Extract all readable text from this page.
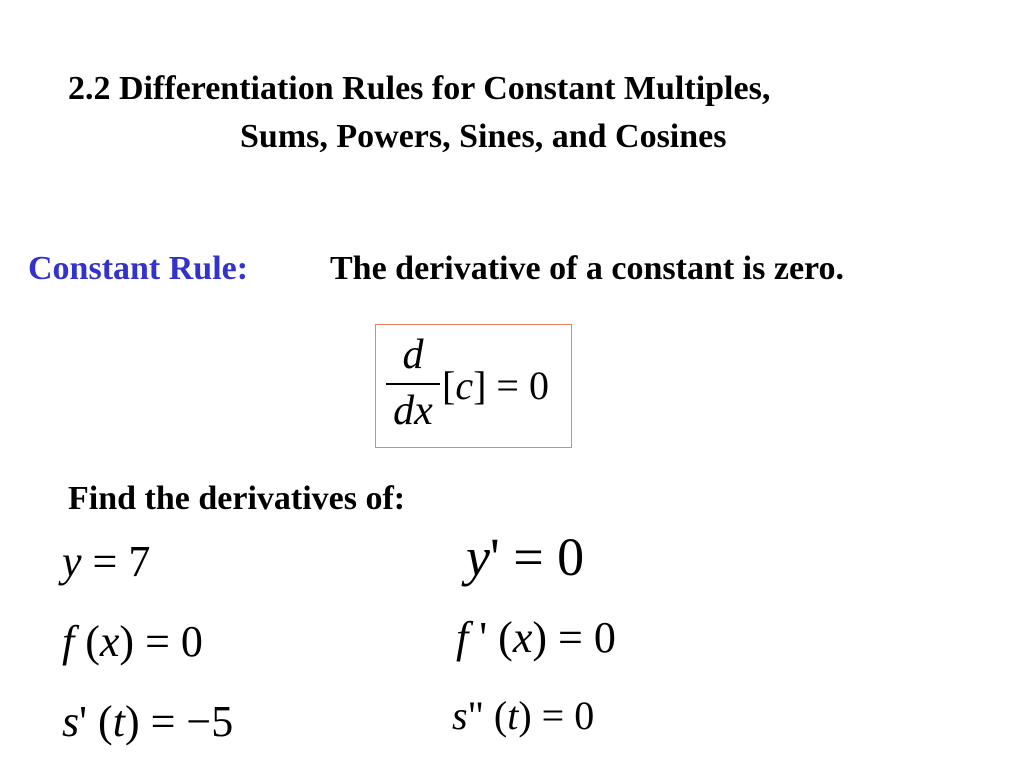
2.2 Differentiation Rules for Constant Multiples,
Sums, Powers, Sines, and Cosines
Constant Rule: The derivative of a constant is zero.
d
dx
[c] = 0
Find the derivatives of:
y = 7
f (x) = 0
s' (t) = −5
y' = 0
f ' (x) = 0
s" (t) = 0
